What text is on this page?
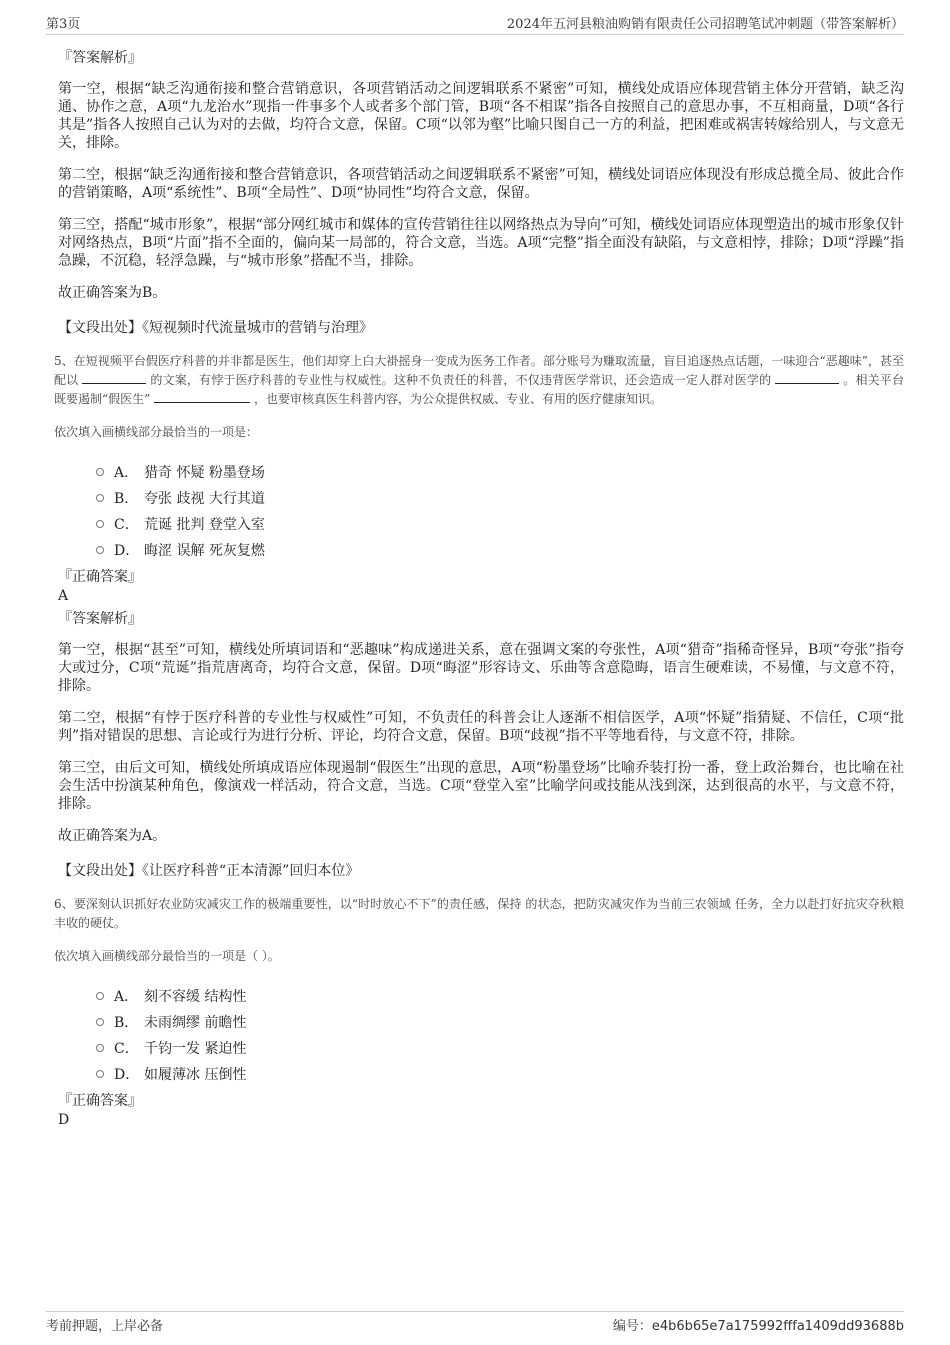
第3页	2024年五河县粮油购销有限责任公司招聘笔试冲刺题（带答案解析）
『答案解析』
第一空，根据“缺乏沟通衔接和整合营销意识，各项营销活动之间逻辑联系不紧密”可知，横线处成语应体现营销主体分开营销，缺乏沟通、协作之意，A项“九龙治水”现指一件事多个人或者多个部门管，B项“各不相谋”指各自按照自己的意思办事，不互相商量，D项“各行其是”指各人按照自己认为对的去做，均符合文意，保留。C项“以邻为壑”比喻只图自己一方的利益，把困难或祸害转嫁给别人，与文意无关，排除。
第二空，根据“缺乏沟通衔接和整合营销意识，各项营销活动之间逻辑联系不紧密”可知，横线处词语应体现没有形成总揽全局、彼此合作的营销策略，A项“系统性”、B项“全局性”、D项“协同性”均符合文意，保留。
第三空，搭配“城市形象”，根据“部分网红城市和媒体的宣传营销往往以网络热点为导向”可知，横线处词语应体现塑造出的城市形象仅针对网络热点，B项“片面”指不全面的，偏向某一局部的，符合文意，当选。A项“完整”指全面没有缺陷，与文意相悖，排除；D项“浮躁”指急躁，不沉稳，轻浮急躁，与“城市形象”搭配不当，排除。
故正确答案为B。
【文段出处】《短视频时代流量城市的营销与治理》
5、在短视频平台假医疗科普的并非都是医生，他们却穿上白大褂摇身一变成为医务工作者。部分账号为赚取流量，盲目追逐热点话题，一味迎合“恶趣味”，甚至配以	的文案，有悖于医疗科普的专业性与权威性。这种不负责任的科普，不仅违背医学常识，还会造成一定人群对医学的	。相关平台既要遏制“假医生”	，也要审核真医生科普内容，为公众提供权威、专业、有用的医疗健康知识。
依次填入画横线部分最恰当的一项是：
A． 猎奇 怀疑 粉墨登场
B． 夸张 歧视 大行其道
C． 荒诞 批判 登堂入室
D． 晦涩 误解 死灰复燃
『正确答案』
A
『答案解析』
第一空，根据“甚至”可知，横线处所填词语和“恶趣味”构成递进关系，意在强调文案的夸张性，A项“猎奇”指稀奇怪异，B项“夸张”指夸大或过分，C项“荒诞”指荒唐离奇，均符合文意，保留。D项“晦涩”形容诗文、乐曲等含意隐晦，语言生硬难读，不易懂，与文意不符，排除。
第二空，根据“有悖于医疗科普的专业性与权威性”可知，不负责任的科普会让人逐渐不相信医学，A项“怀疑”指猜疑、不信任，C项“批判”指对错误的思想、言论或行为进行分析、评论，均符合文意，保留。B项“歧视”指不平等地看待，与文意不符，排除。
第三空，由后文可知，横线处所填成语应体现遏制“假医生”出现的意思，A项“粉墨登场”比喻乔装打扮一番，登上政治舞台，也比喻在社会生活中扮演某种角色，像演戏一样活动，符合文意，当选。C项“登堂入室”比喻学问或技能从浅到深，达到很高的水平，与文意不符，排除。
故正确答案为A。
【文段出处】《让医疗科普“正本清源”回归本位》
6、要深刻认识抓好农业防灾减灾工作的极端重要性，以“时时放心不下”的责任感，保持 的状态，把防灾减灾作为当前三农领域 任务，全力以赴打好抗灾夺秋粮丰收的硬仗。
依次填入画横线部分最恰当的一项是（ ）。
A． 刻不容缓 结构性
B． 未雨绸缪 前瞻性
C． 千钧一发 紧迫性
D． 如履薄冰 压倒性
『正确答案』
D
考前押题，上岸必备	编号：e4b6b65e7a175992fffa1409dd93688b
